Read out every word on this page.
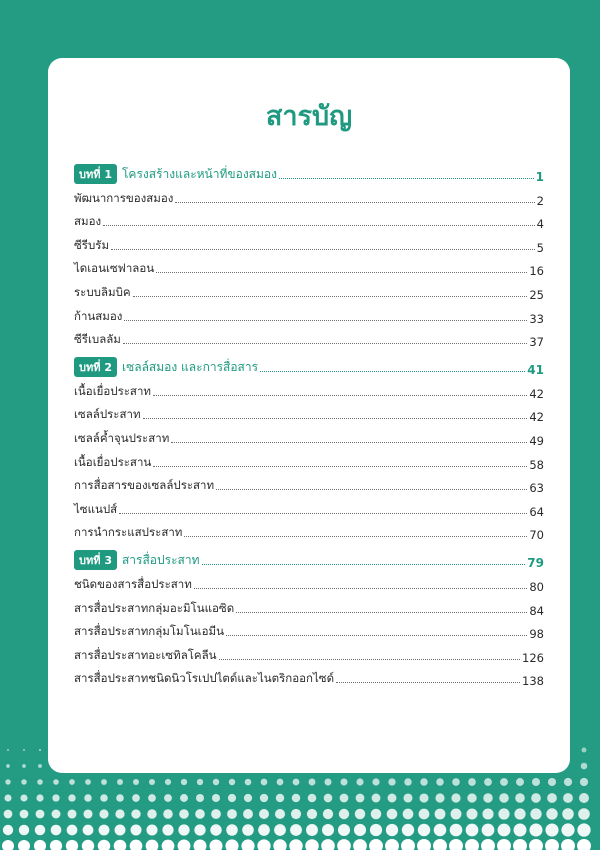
สารบัญ
บทที่ 1 โครงสร้างและหน้าที่ของสมอง	1
พัฒนาการของสมอง	2
สมอง	4
ซีรีบรัม	5
ไดเอนเซฟาลอน	16
ระบบลิมบิค	25
ก้านสมอง	33
ซีรีเบลลัม	37
บทที่ 2 เซลล์สมอง และการสื่อสาร	41
เนื้อเยื่อประสาท	42
เซลล์ประสาท	42
เซลล์ค้ำจุนประสาท	49
เนื้อเยื่อประสาน	58
การสื่อสารของเซลล์ประสาท	63
ไซแนปส์	64
การนำกระแสประสาท	70
บทที่ 3 สารสื่อประสาท	79
ชนิดของสารสื่อประสาท	80
สารสื่อประสาทกลุ่มอะมิโนแอซิด	84
สารสื่อประสาทกลุ่มโมโนเอมีน	98
สารสื่อประสาทอะเซทิลโคลีน	126
สารสื่อประสาทชนิดนิวโรเปปไตด์และไนตริกออกไซด์	138
